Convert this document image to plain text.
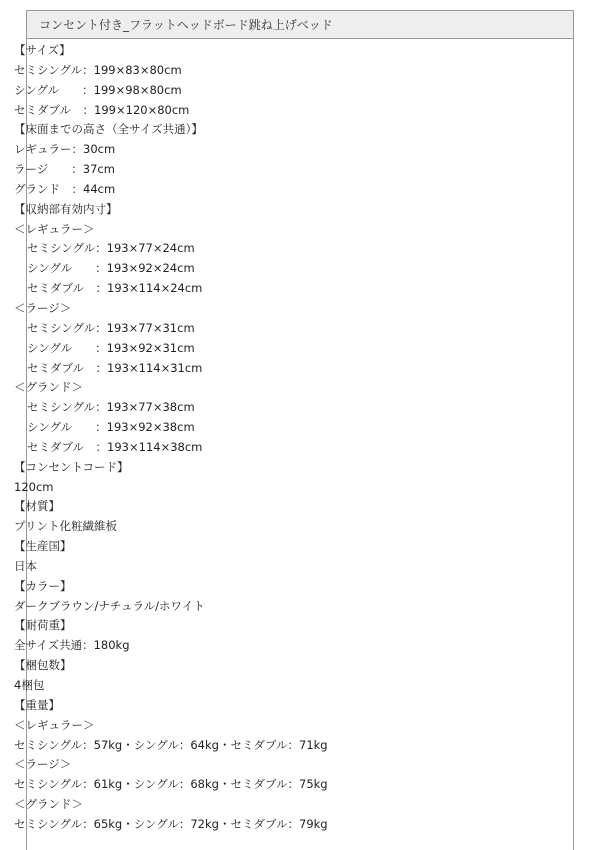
コンセント付き_フラットヘッドボード跳ね上げベッド
【サイズ】
セミシングル：199×83×80cm
シングル　　：199×98×80cm
セミダブル　：199×120×80cm
【床面までの高さ（全サイズ共通）】
レギュラー：30cm
ラージ　　：37cm
グランド　：44cm
【収納部有効内寸】
＜レギュラー＞
セミシングル：193×77×24cm
シングル　　：193×92×24cm
セミダブル　：193×114×24cm
＜ラージ＞
セミシングル：193×77×31cm
シングル　　：193×92×31cm
セミダブル　：193×114×31cm
＜グランド＞
セミシングル：193×77×38cm
シングル　　：193×92×38cm
セミダブル　：193×114×38cm
【コンセントコード】
120cm
【材質】
プリント化粧繊維板
【生産国】
日本
【カラー】
ダークブラウン/ナチュラル/ホワイト
【耐荷重】
全サイズ共通：180kg
【梱包数】
4梱包
【重量】
＜レギュラー＞
セミシングル：57kg・シングル：64kg・セミダブル：71kg
＜ラージ＞
セミシングル：61kg・シングル：68kg・セミダブル：75kg
＜グランド＞
セミシングル：65kg・シングル：72kg・セミダブル：79kg
